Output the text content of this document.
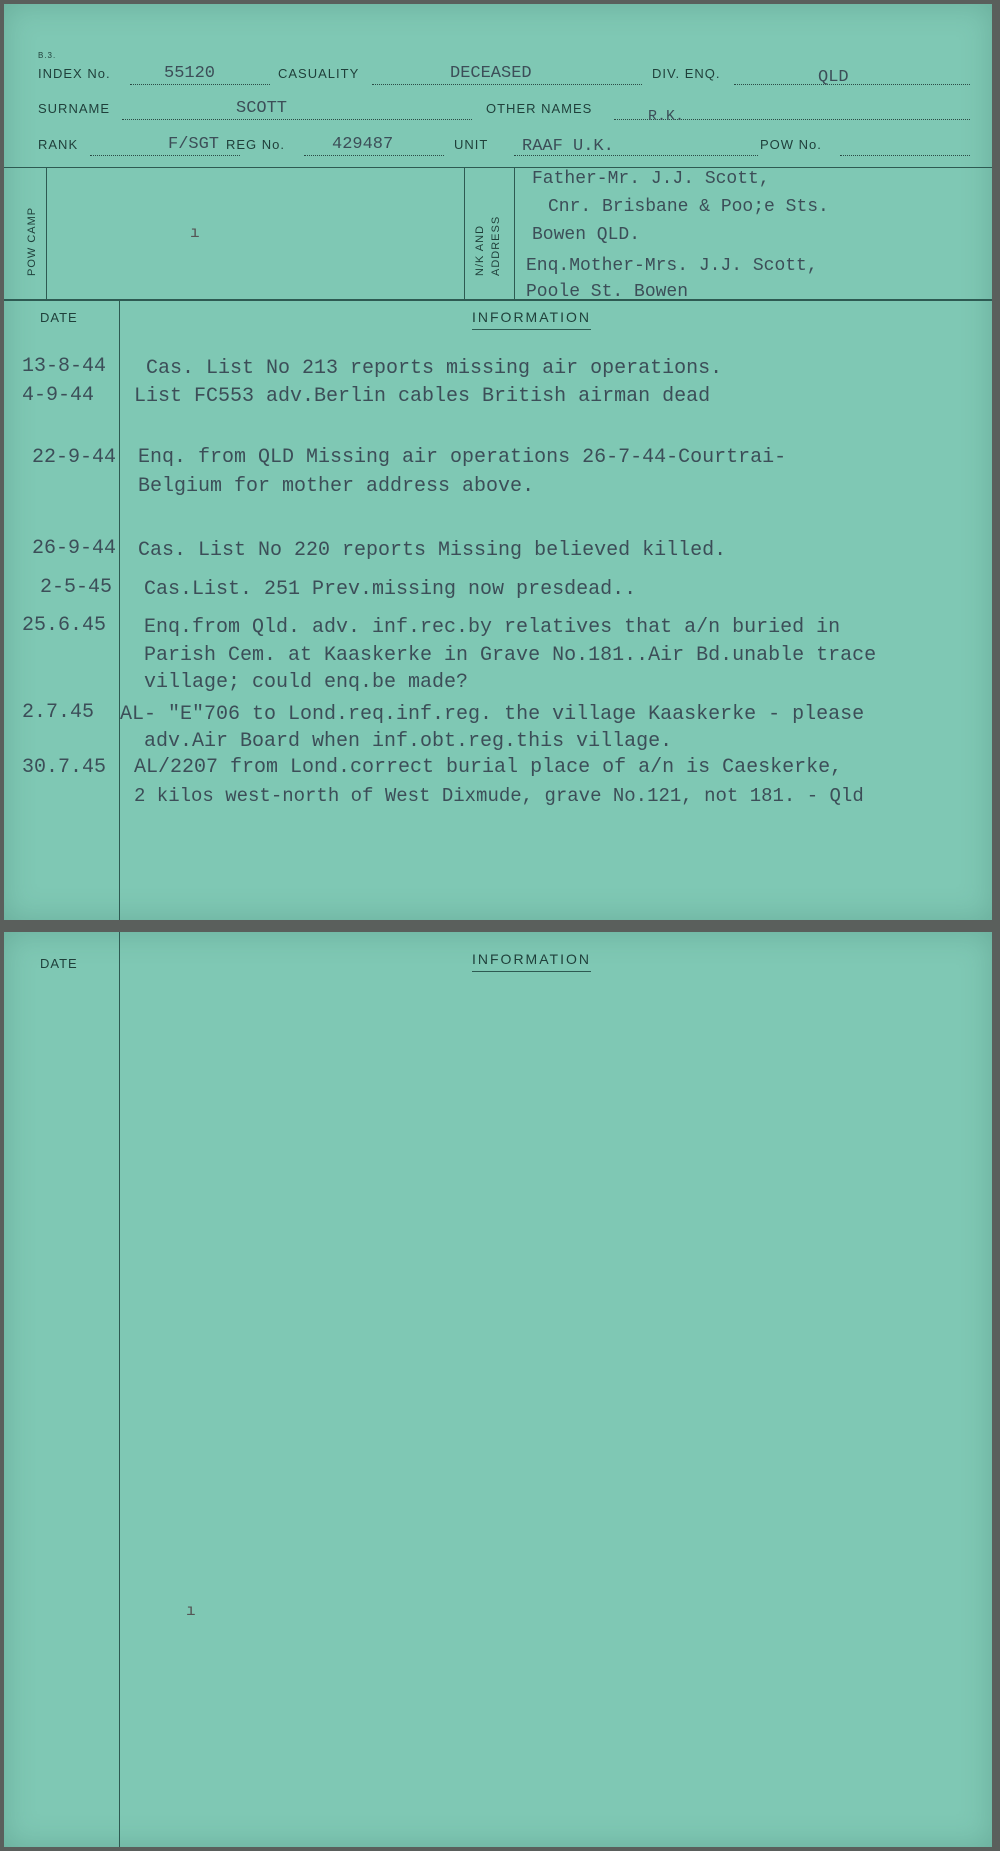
B.3.
INDEX No.	55120	CASUALITY	DECEASED	DIV. ENQ.	QLD
SURNAME	SCOTT	OTHER NAMES	R.K.
RANK	F/SGT REG No.	429487	UNIT RAAF U.K.	POW No.
POW CAMP	N/K AND ADDRESS
ı
Father-Mr. J.J. Scott,
Cnr. Brisbane & Poo;e Sts.
Bowen QLD.
Enq.Mother-Mrs. J.J. Scott,
Poole St. Bowen
DATE	INFORMATION
13-8-44 Cas. List No 213 reports missing air operations.
4-9-44 List FC553 adv.Berlin cables British airman dead
22-9-44 Enq. from QLD Missing air operations 26-7-44-Courtrai-
Belgium for mother address above.
26-9-44 Cas. List No 220 reports Missing believed killed.
2-5-45 Cas.List. 251 Prev.missing now presdead..
25.6.45 Enq.from Qld. adv. inf.rec.by relatives that a/n buried in
Parish Cem. at Kaaskerke in Grave No.181..Air Bd.unable trace
village; could enq.be made?
2.7.45 AL- "E"706 to Lond.req.inf.reg. the village Kaaskerke - please
adv.Air Board when inf.obt.reg.this village.
30.7.45 AL/2207 from Lond.correct burial place of a/n is Caeskerke,
2 kilos west-north of West Dixmude, grave No.121, not 181. - Qld
DATE	INFORMATION
ı
